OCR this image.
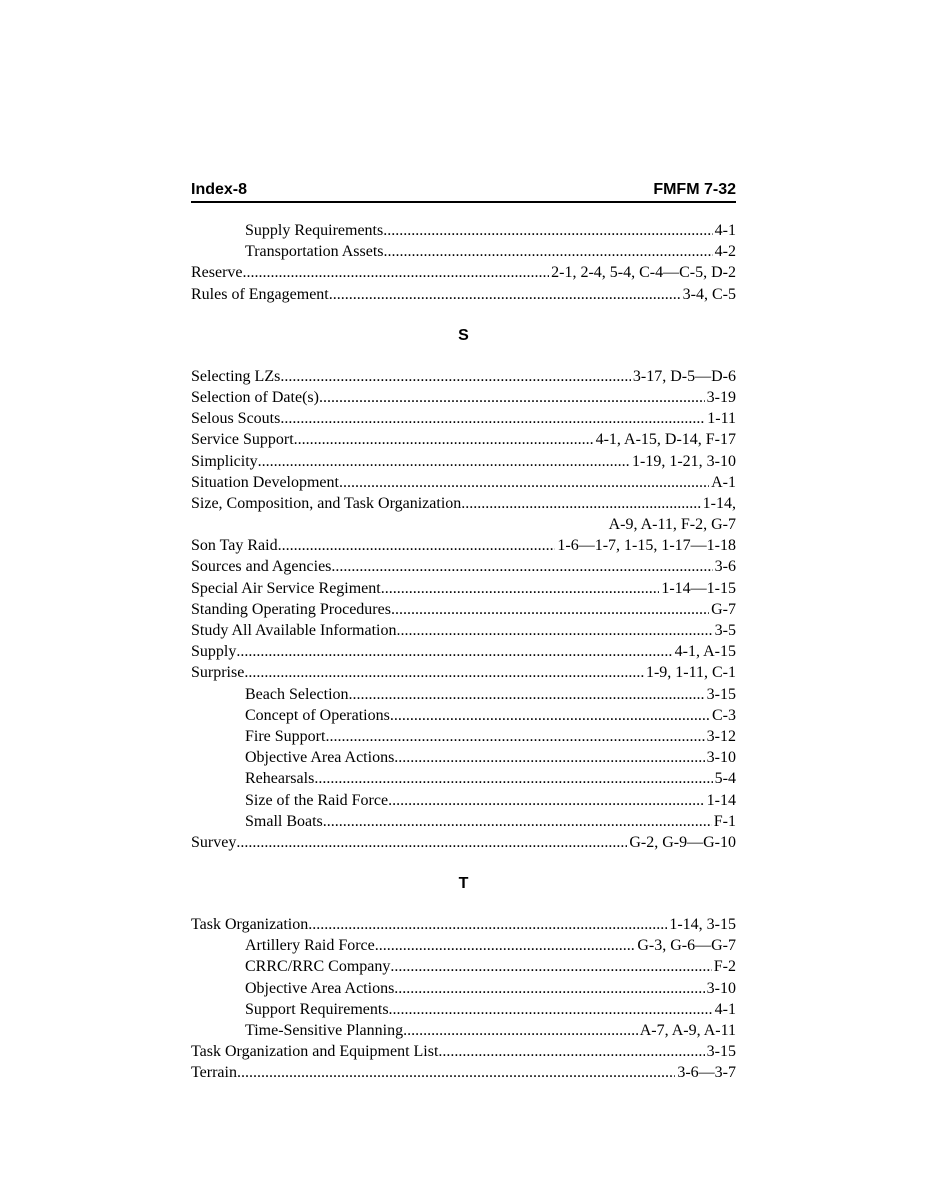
Index-8	FMFM 7-32
Supply Requirements .....	4-1
Transportation Assets .....	4-2
Reserve .....	2-1, 2-4, 5-4, C-4—C-5, D-2
Rules of Engagement .....	3-4, C-5
S
Selecting LZs .....	3-17, D-5—D-6
Selection of Date(s) .....	3-19
Selous Scouts .....	1-11
Service Support .....	4-1, A-15, D-14, F-17
Simplicity .....	1-19, 1-21, 3-10
Situation Development .....	A-1
Size, Composition, and Task Organization .....	1-14,
A-9, A-11, F-2, G-7
Son Tay Raid .....	1-6—1-7, 1-15, 1-17—1-18
Sources and Agencies .....	3-6
Special Air Service Regiment .....	1-14—1-15
Standing Operating Procedures .....	G-7
Study All Available Information .....	3-5
Supply .....	4-1, A-15
Surprise .....	1-9, 1-11, C-1
Beach Selection .....	3-15
Concept of Operations .....	C-3
Fire Support .....	3-12
Objective Area Actions .....	3-10
Rehearsals .....	5-4
Size of the Raid Force .....	1-14
Small Boats .....	F-1
Survey .....	G-2, G-9—G-10
T
Task Organization .....	1-14, 3-15
Artillery Raid Force .....	G-3, G-6—G-7
CRRC/RRC Company .....	F-2
Objective Area Actions .....	3-10
Support Requirements .....	4-1
Time-Sensitive Planning .....	A-7, A-9, A-11
Task Organization and Equipment List .....	3-15
Terrain .....	3-6—3-7
